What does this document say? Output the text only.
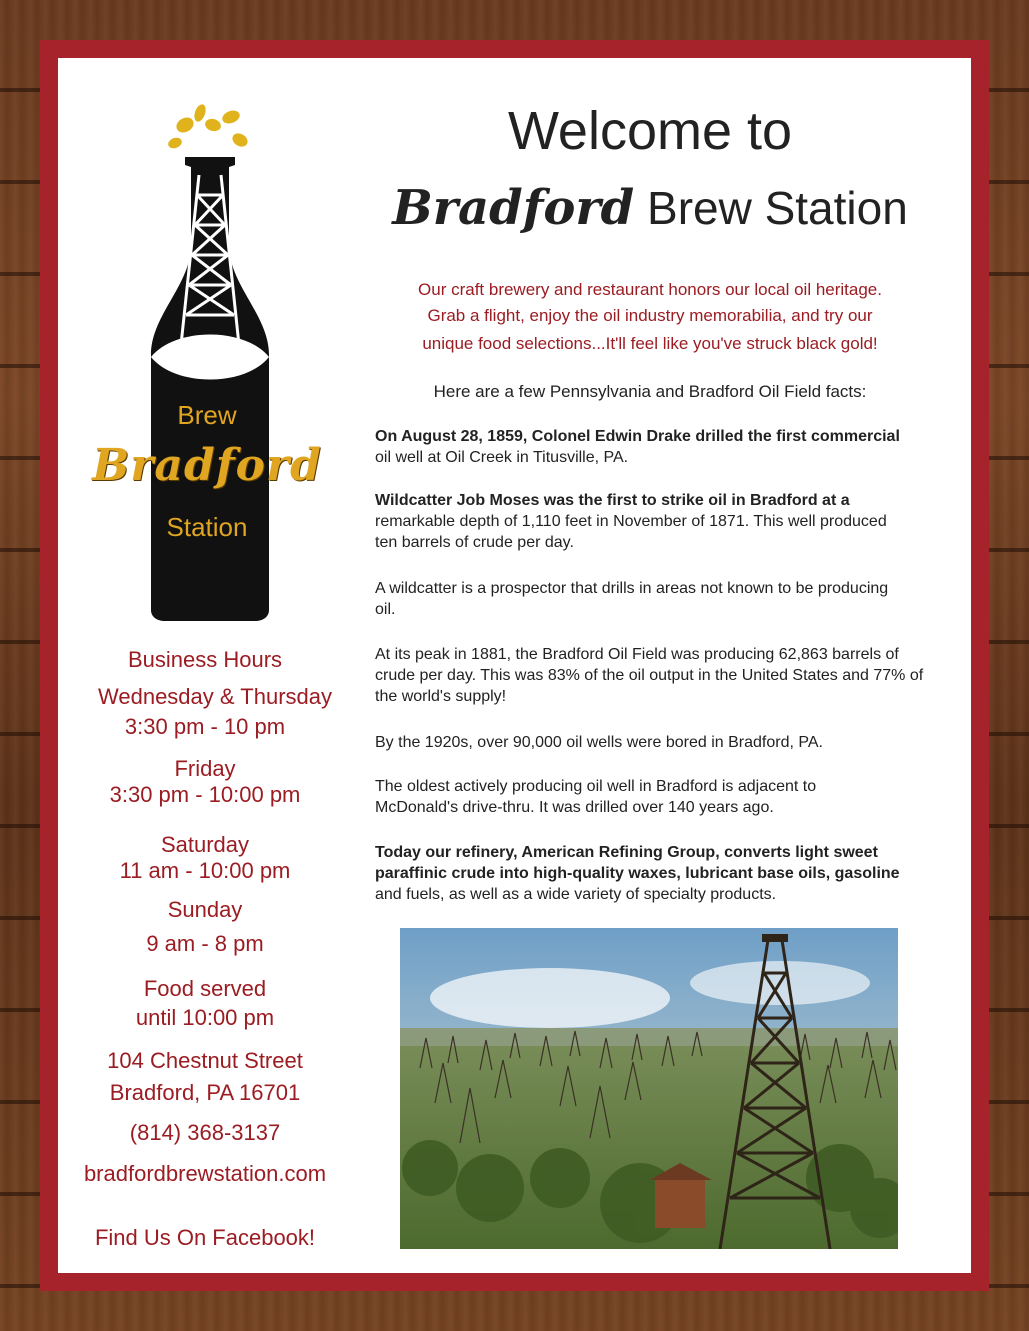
Brew
Bradford
Station
Business Hours
Wednesday & Thursday
3:30 pm - 10 pm
Friday
3:30 pm - 10:00 pm
Saturday
11 am - 10:00 pm
Sunday
9 am - 8 pm
Food served
until 10:00 pm
104 Chestnut Street
Bradford, PA 16701
(814) 368-3137
bradfordbrewstation.com
Find Us On Facebook!
Welcome to
Bradford Brew Station
Our craft brewery and restaurant honors our local oil heritage.
Grab a flight, enjoy the oil industry memorabilia, and try our
unique food selections...It'll feel like you've struck black gold!
Here are a few Pennsylvania and Bradford Oil Field facts:
On August 28, 1859, Colonel Edwin Drake drilled the first commercial
oil well at Oil Creek in Titusville, PA.
Wildcatter Job Moses was the first to strike oil in Bradford at a
remarkable depth of 1,110 feet in November of 1871. This well produced ten barrels of crude per day.
A wildcatter is a prospector that drills in areas not known to be producing oil.
At its peak in 1881, the Bradford Oil Field was producing 62,863 barrels of crude per day. This was 83% of the oil output in the United States and 77% of the world's supply!
By the 1920s, over 90,000 oil wells were bored in Bradford, PA.
The oldest actively producing oil well in Bradford is adjacent to McDonald's drive-thru. It was drilled over 140 years ago.
Today our refinery, American Refining Group, converts light sweet paraffinic crude into high-quality waxes, lubricant base oils, gasoline
and fuels, as well as a wide variety of specialty products.
